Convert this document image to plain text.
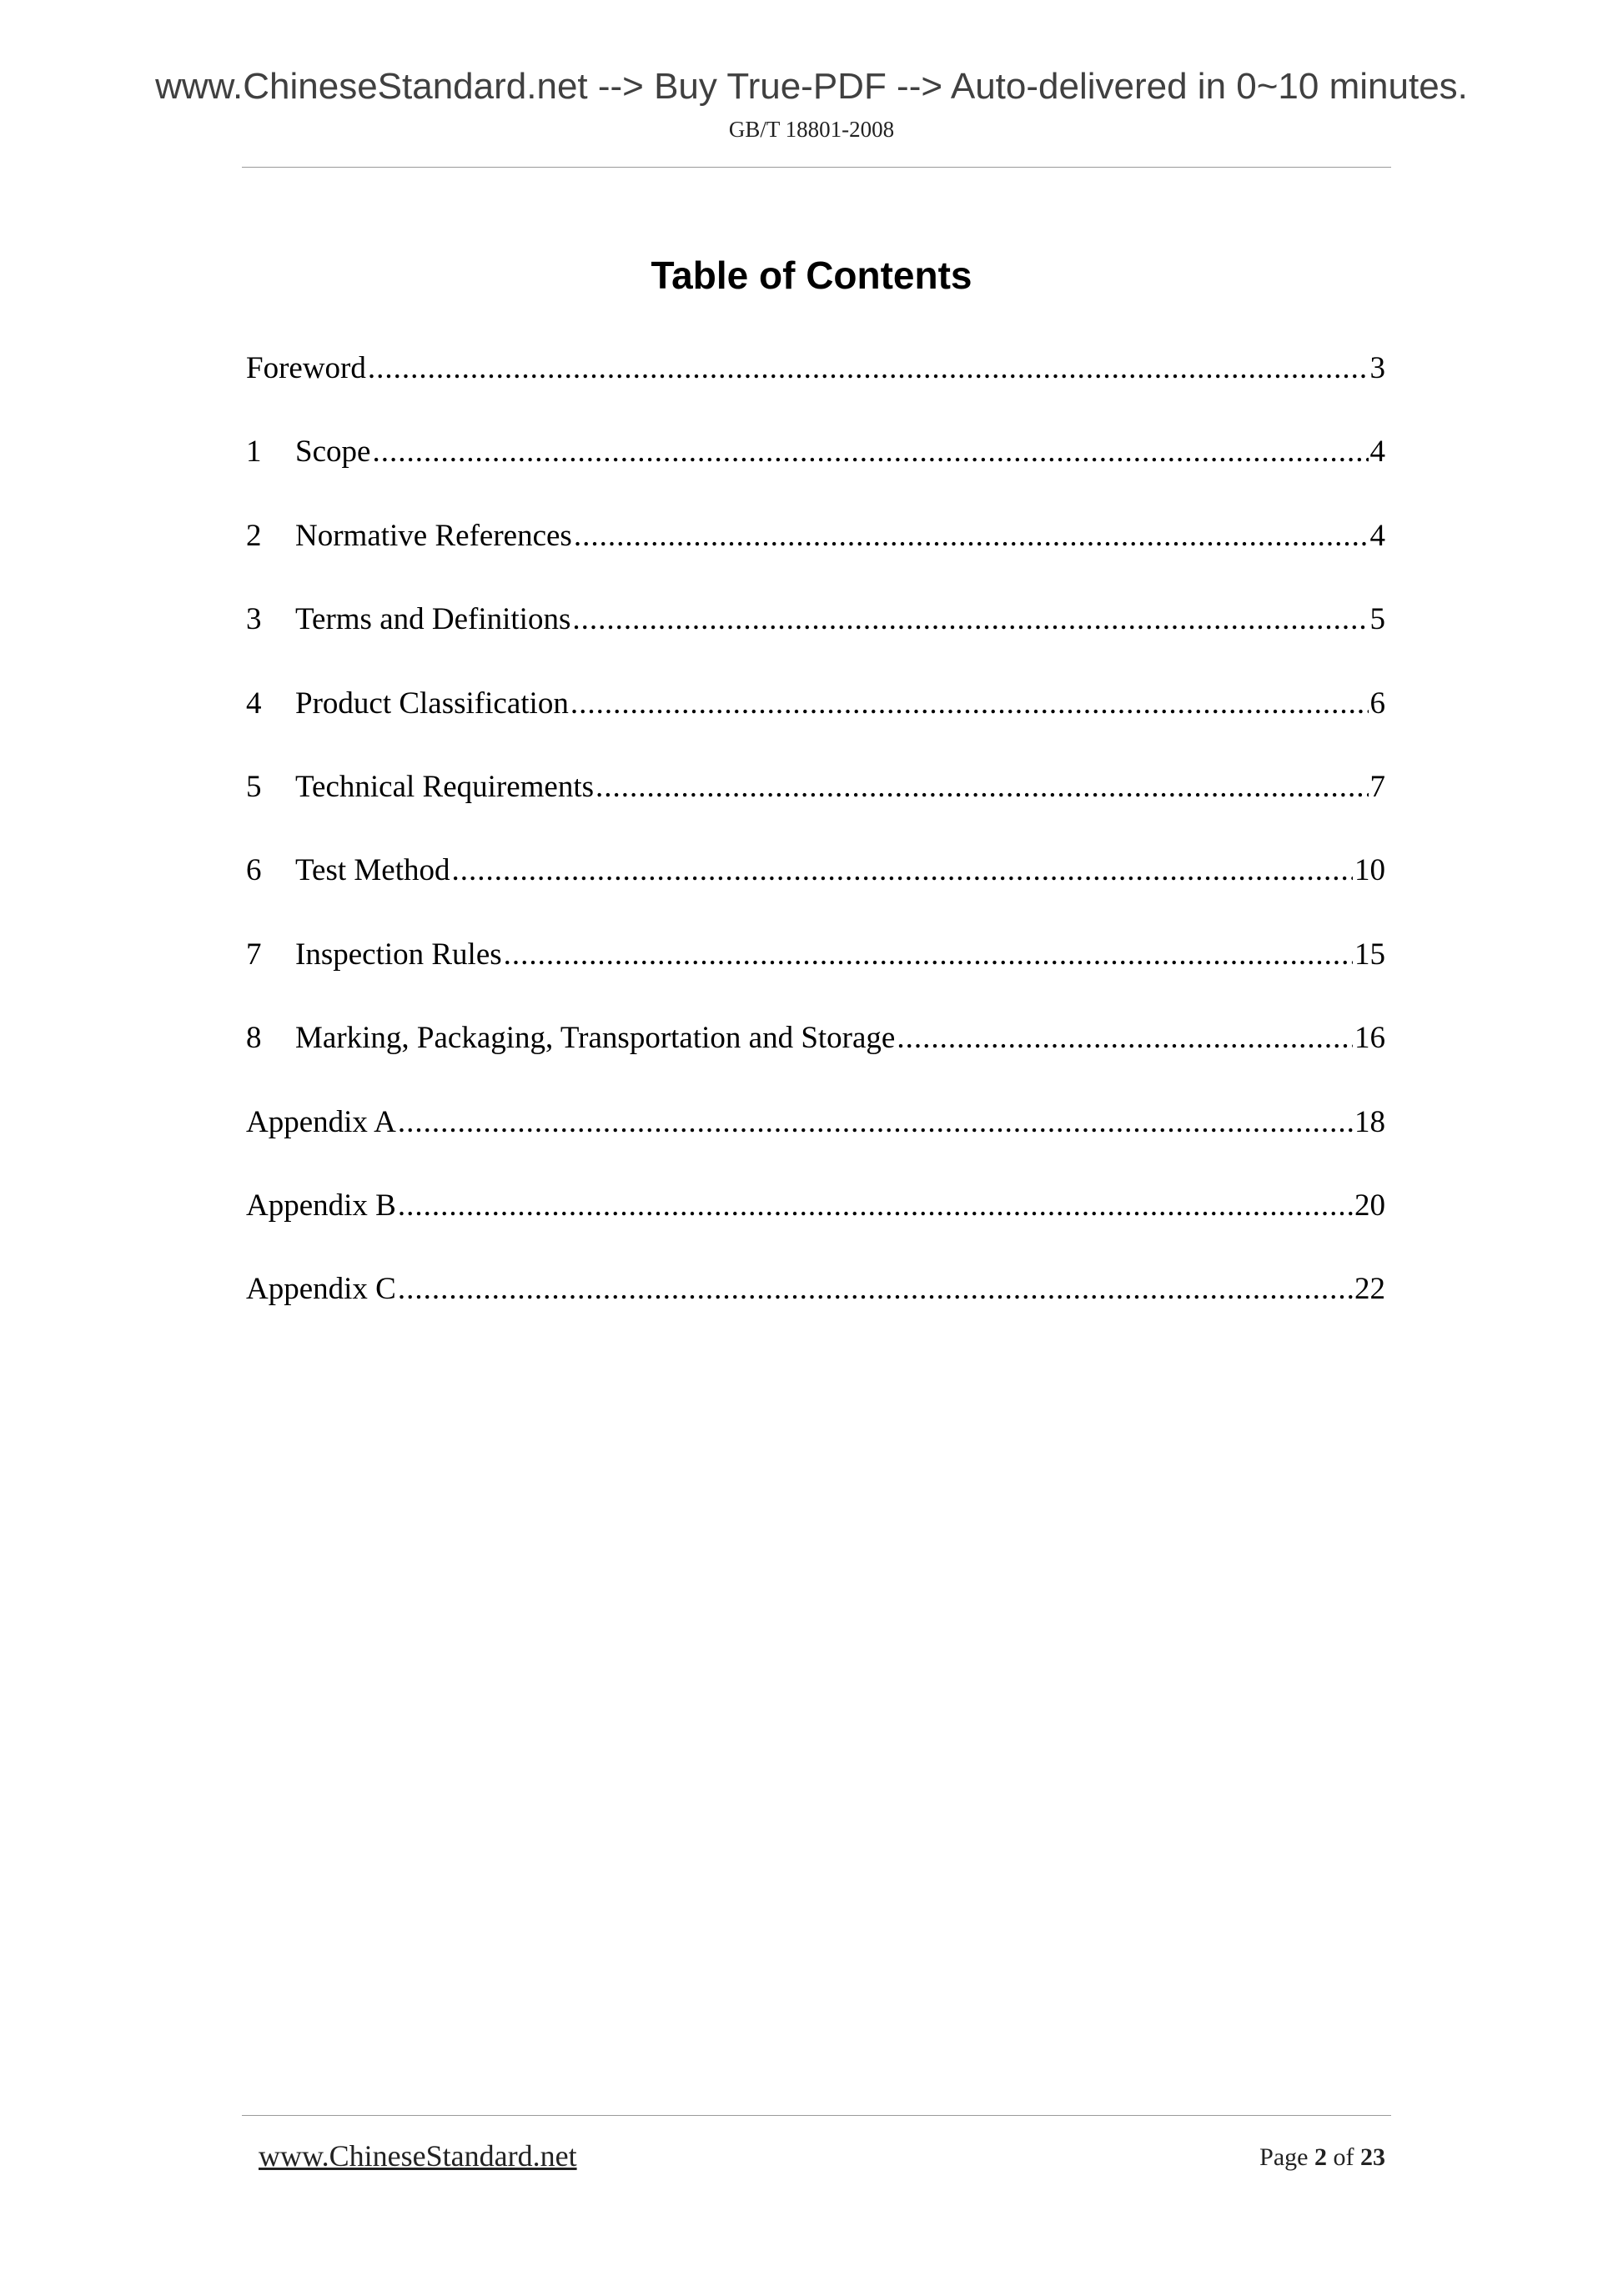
www.ChineseStandard.net --> Buy True-PDF --> Auto-delivered in 0~10 minutes.
GB/T 18801-2008
Table of Contents
Foreword .....	3
1	Scope .....	4
2	Normative References .....	4
3	Terms and Definitions .....	5
4	Product Classification .....	6
5	Technical Requirements .....	7
6	Test Method .....	10
7	Inspection Rules .....	15
8	Marking, Packaging, Transportation and Storage .....	16
Appendix A .....	18
Appendix B .....	20
Appendix C .....	22
www.ChineseStandard.net	Page 2 of 23
